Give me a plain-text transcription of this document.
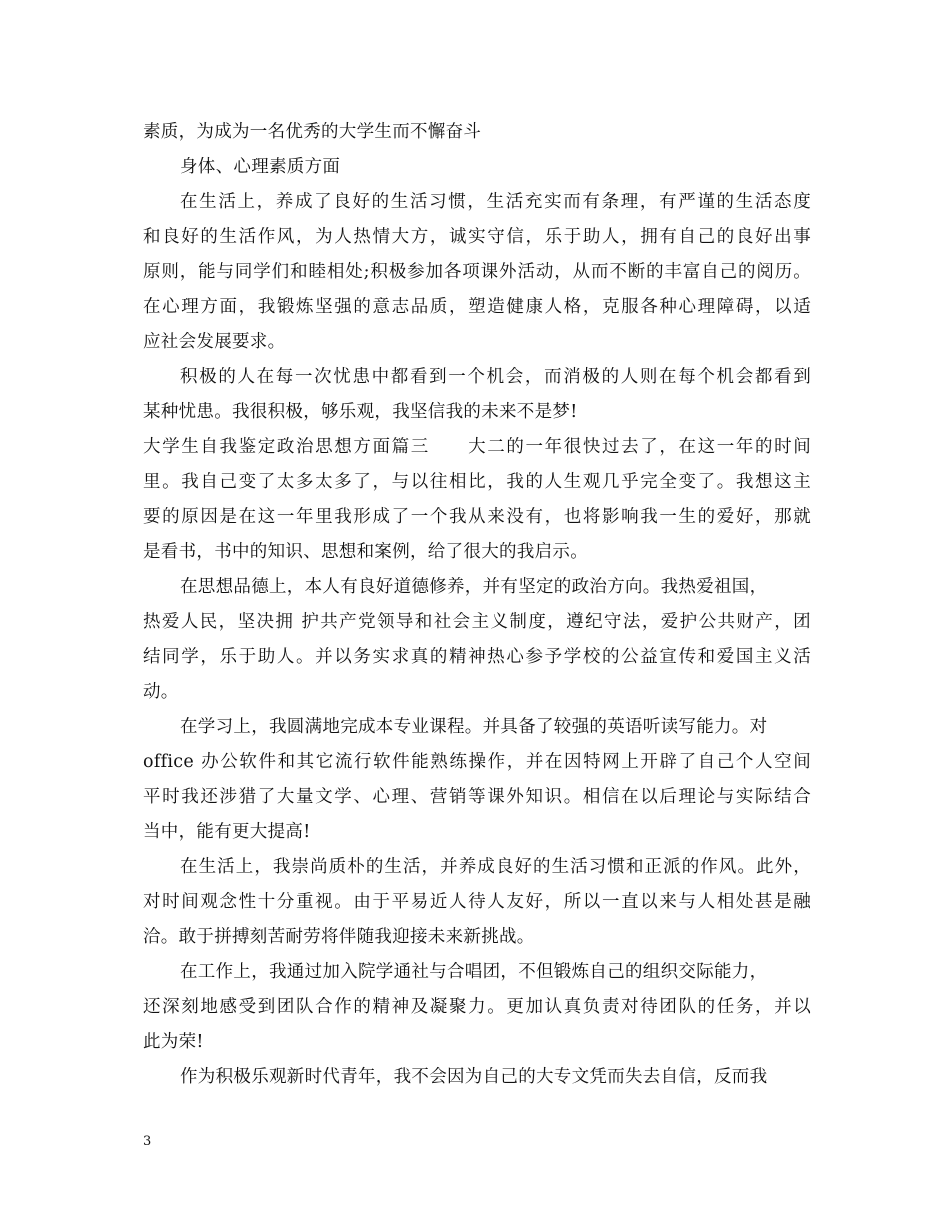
素质，为成为一名优秀的大学生而不懈奋斗
身体、心理素质方面
在生活上，养成了良好的生活习惯，生活充实而有条理，有严谨的生活态度
和良好的生活作风，为人热情大方，诚实守信，乐于助人，拥有自己的良好出事
原则，能与同学们和睦相处;积极参加各项课外活动，从而不断的丰富自己的阅历。
在心理方面，我锻炼坚强的意志品质，塑造健康人格，克服各种心理障碍，以适
应社会发展要求。
积极的人在每一次忧患中都看到一个机会，而消极的人则在每个机会都看到
某种忧患。我很积极，够乐观，我坚信我的未来不是梦!
大学生自我鉴定政治思想方面篇三　　大二的一年很快过去了，在这一年的时间
里。我自己变了太多太多了，与以往相比，我的人生观几乎完全变了。我想这主
要的原因是在这一年里我形成了一个我从来没有，也将影响我一生的爱好，那就
是看书，书中的知识、思想和案例，给了很大的我启示。
在思想品德上，本人有良好道德修养，并有坚定的政治方向。我热爱祖国，
热爱人民，坚决拥 护共产党领导和社会主义制度，遵纪守法，爱护公共财产，团
结同学，乐于助人。并以务实求真的精神热心参予学校的公益宣传和爱国主义活
动。
在学习上，我圆满地完成本专业课程。并具备了较强的英语听读写能力。对
office 办公软件和其它流行软件能熟练操作，并在因特网上开辟了自己个人空间
平时我还涉猎了大量文学、心理、营销等课外知识。相信在以后理论与实际结合
当中，能有更大提高!
在生活上，我崇尚质朴的生活，并养成良好的生活习惯和正派的作风。此外，
对时间观念性十分重视。由于平易近人待人友好，所以一直以来与人相处甚是融
洽。敢于拼搏刻苦耐劳将伴随我迎接未来新挑战。
在工作上，我通过加入院学通社与合唱团，不但锻炼自己的组织交际能力，
还深刻地感受到团队合作的精神及凝聚力。更加认真负责对待团队的任务，并以
此为荣!
作为积极乐观新时代青年，我不会因为自己的大专文凭而失去自信，反而我
3
